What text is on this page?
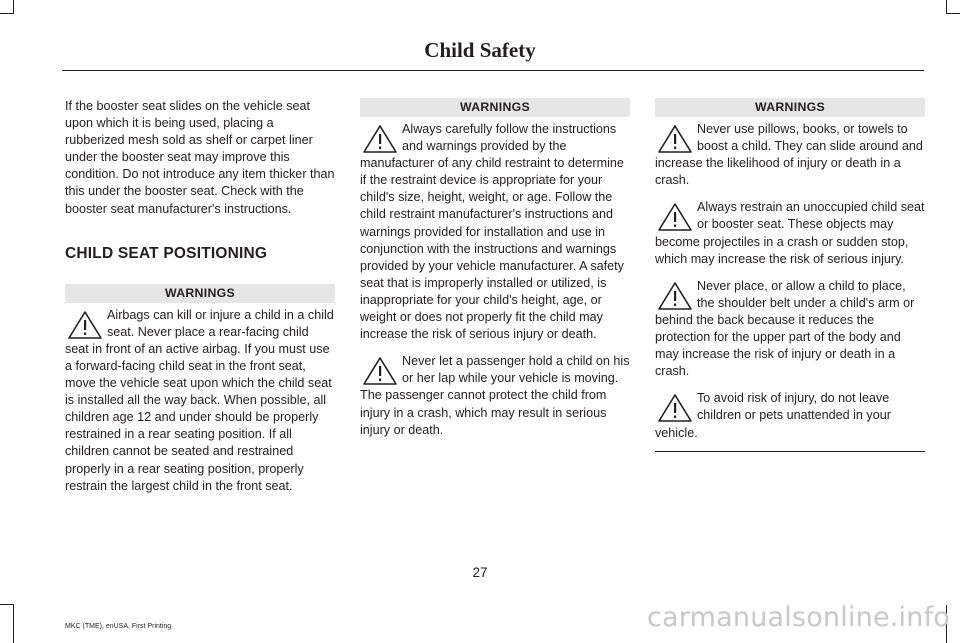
Child Safety

If the booster seat slides on the vehicle seat upon which it is being used, placing a rubberized mesh sold as shelf or carpet liner under the booster seat may improve this condition. Do not introduce any item thicker than this under the booster seat. Check with the booster seat manufacturer's instructions.

CHILD SEAT POSITIONING
WARNINGS
Airbags can kill or injure a child in a child seat. Never place a rear-facing child seat in front of an active airbag. If you must use a forward-facing child seat in the front seat, move the vehicle seat upon which the child seat is installed all the way back. When possible, all children age 12 and under should be properly restrained in a rear seating position. If all children cannot be seated and restrained properly in a rear seating position, properly restrain the largest child in the front seat.
WARNINGS
Always carefully follow the instructions and warnings provided by the manufacturer of any child restraint to determine if the restraint device is appropriate for your child's size, height, weight, or age. Follow the child restraint manufacturer's instructions and warnings provided for installation and use in conjunction with the instructions and warnings provided by your vehicle manufacturer. A safety seat that is improperly installed or utilized, is inappropriate for your child's height, age, or weight or does not properly fit the child may increase the risk of serious injury or death.
Never let a passenger hold a child on his or her lap while your vehicle is moving. The passenger cannot protect the child from injury in a crash, which may result in serious injury or death.
WARNINGS
Never use pillows, books, or towels to boost a child. They can slide around and increase the likelihood of injury or death in a crash.
Always restrain an unoccupied child seat or booster seat. These objects may become projectiles in a crash or sudden stop, which may increase the risk of serious injury.
Never place, or allow a child to place, the shoulder belt under a child's arm or behind the back because it reduces the protection for the upper part of the body and may increase the risk of injury or death in a crash.
To avoid risk of injury, do not leave children or pets unattended in your vehicle.
27
MKC (TME), enUSA, First Printing	carmanualsonline.info
